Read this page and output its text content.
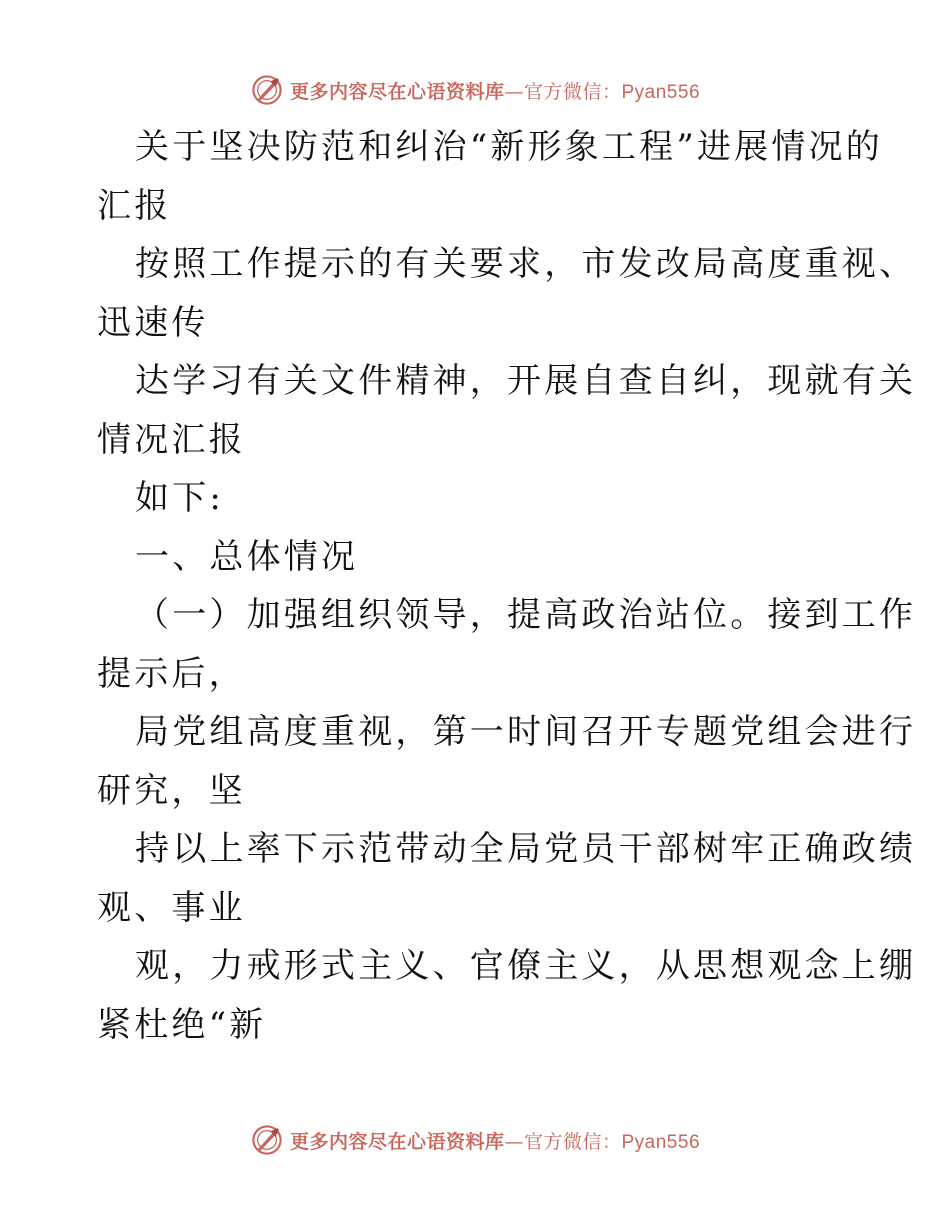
更多内容尽在心语资料库—官方微信：Pyan556

关于坚决防范和纠治“新形象工程”进展情况的

汇报

按照工作提示的有关要求，市发改局高度重视、

迅速传

达学习有关文件精神，开展自查自纠，现就有关

情况汇报

如下:

一、总体情况

（一）加强组织领导，提高政治站位。接到工作

提示后，

局党组高度重视，第一时间召开专题党组会进行

研究，坚

持以上率下示范带动全局党员干部树牢正确政绩

观、事业

观，力戒形式主义、官僚主义，从思想观念上绷

紧杜绝“新

更多内容尽在心语资料库—官方微信：Pyan556
